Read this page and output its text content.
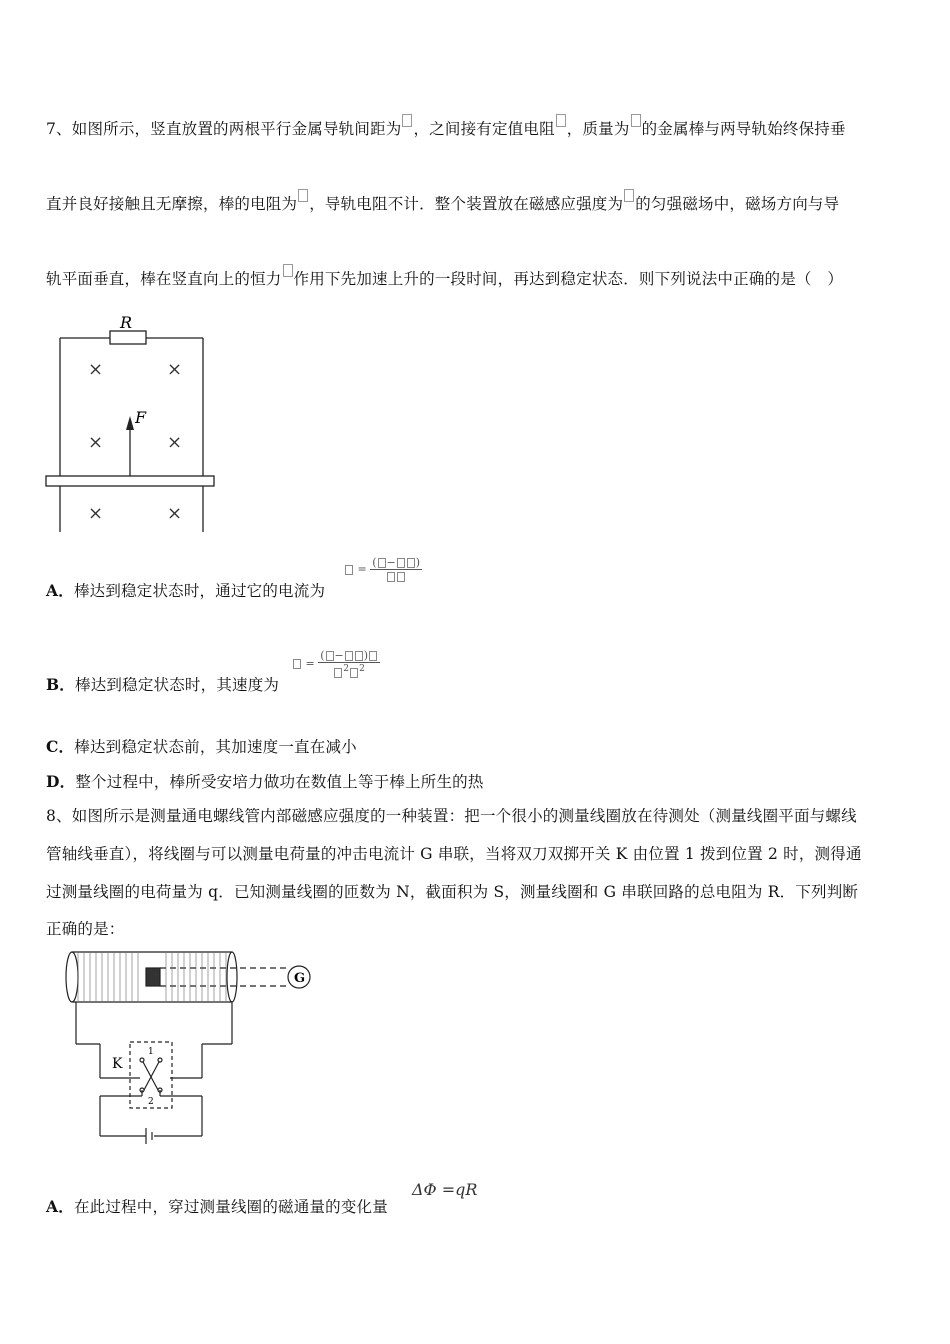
7、如图所示，竖直放置的两根平行金属导轨间距为 ，之间接有定值电阻 ，质量为 的金属棒与两导轨始终保持垂
直并良好接触且无摩擦，棒的电阻为 ，导轨电阻不计．整个装置放在磁感应强度为 的匀强磁场中，磁场方向与导
轨平面垂直，棒在竖直向上的恒力 作用下先加速上升的一段时间，再达到稳定状态．则下列说法中正确的是（　）
R
F
×	×
×	×
×	×
A．棒达到稳定状态时，通过它的电流为
= ( − )
B．棒达到稳定状态时，其速度为
= $\frac{( - )}{^2 ^2}$
C．棒达到稳定状态前，其加速度一直在减小
D．整个过程中，棒所受安培力做功在数值上等于棒上所生的热
8、如图所示是测量通电螺线管内部磁感应强度的一种装置：把一个很小的测量线圈放在待测处（测量线圈平面与螺线
管轴线垂直），将线圈与可以测量电荷量的冲击电流计 G 串联，当将双刀双掷开关 K 由位置 1 拨到位置 2 时，测得通
过测量线圈的电荷量为 q．已知测量线圈的匝数为 N，截面积为 S，测量线圈和 G 串联回路的总电阻为 R．下列判断
正确的是：
G
K
1
2
A．在此过程中，穿过测量线圈的磁通量的变化量
ΔΦ =qR
